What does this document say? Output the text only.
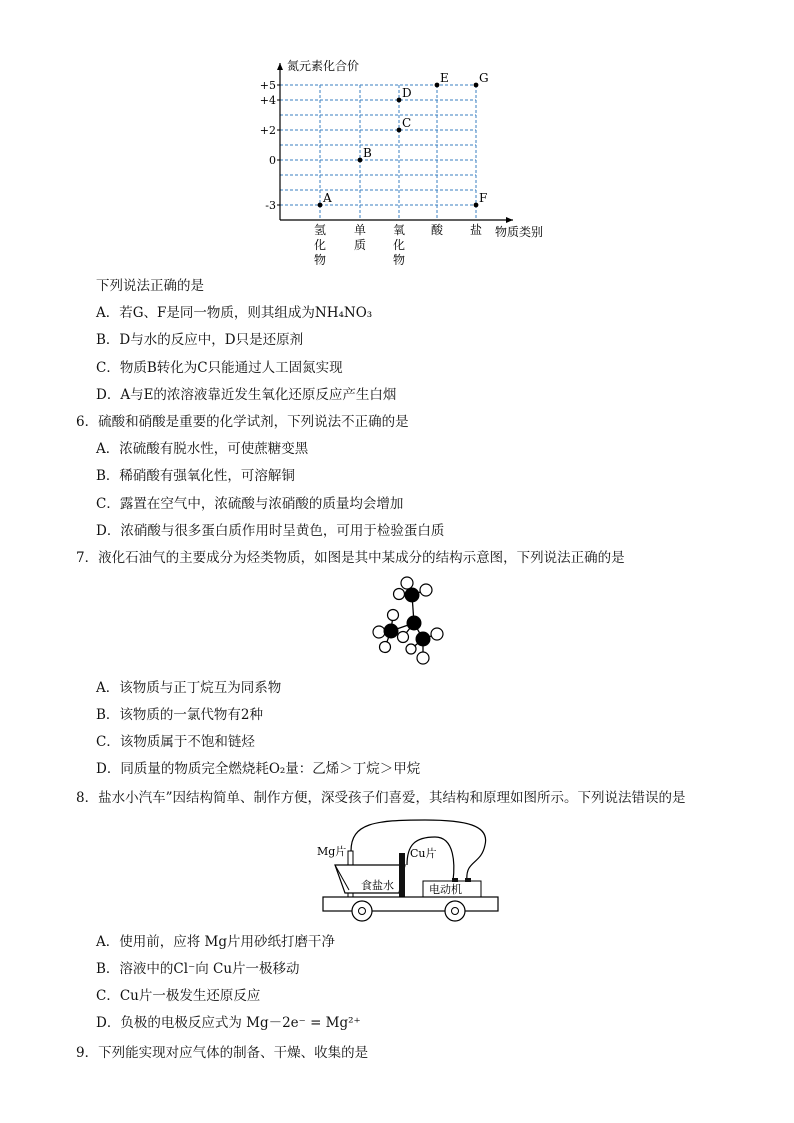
氮元素化合价
物质类别
+5
+4
+2
0
-3
氢
化
物
单
质
氧
化
物
酸 盐
A
B
C
D
E
F
G
下列说法正确的是
A．若G、F是同一物质，则其组成为NH₄NO₃
B．D与水的反应中，D只是还原剂
C．物质B转化为C只能通过人工固氮实现
D．A与E的浓溶液靠近发生氧化还原反应产生白烟
6．硫酸和硝酸是重要的化学试剂，下列说法不正确的是
A．浓硫酸有脱水性，可使蔗糖变黑
B．稀硝酸有强氧化性，可溶解铜
C．露置在空气中，浓硫酸与浓硝酸的质量均会增加
D．浓硝酸与很多蛋白质作用时呈黄色，可用于检验蛋白质
7．液化石油气的主要成分为烃类物质，如图是其中某成分的结构示意图，下列说法正确的是
A．该物质与正丁烷互为同系物
B．该物质的一氯代物有2种
C．该物质属于不饱和链烃
D．同质量的物质完全燃烧耗O₂量：乙烯＞丁烷＞甲烷
8．盐水小汽车”因结构简单、制作方便，深受孩子们喜爱，其结构和原理如图所示。下列说法错误的是
Mg片	Cu片
食盐水	电动机
A．使用前，应将 Mg片用砂纸打磨干净
B．溶液中的Cl⁻向 Cu片一极移动
C．Cu片一极发生还原反应
D．负极的电极反应式为 Mg－2e⁻ = Mg²⁺
9．下列能实现对应气体的制备、干燥、收集的是
